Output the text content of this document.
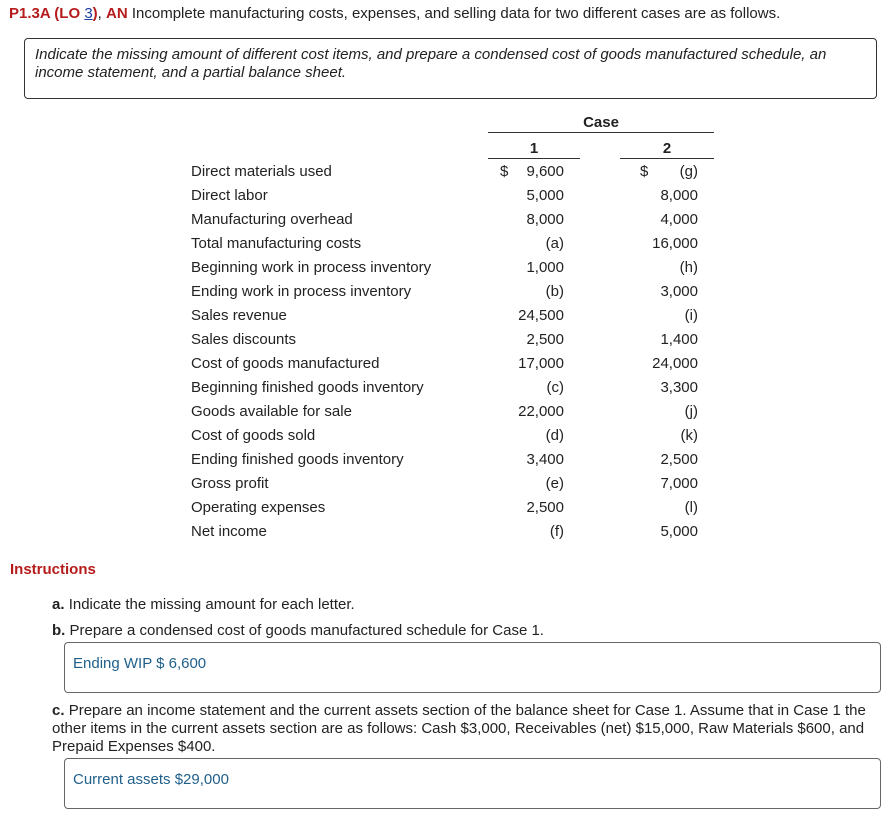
P1.3A (LO 3), AN Incomplete manufacturing costs, expenses, and selling data for two different cases are as follows.
Indicate the missing amount of different cost items, and prepare a condensed cost of goods manufactured schedule, an income statement, and a partial balance sheet.
Case
1	2
$	$
Direct materials used	9,600	(g)
Direct labor	5,000	8,000
Manufacturing overhead	8,000	4,000
Total manufacturing costs	(a)	16,000
Beginning work in process inventory	1,000	(h)
Ending work in process inventory	(b)	3,000
Sales revenue	24,500	(i)
Sales discounts	2,500	1,400
Cost of goods manufactured	17,000	24,000
Beginning finished goods inventory	(c)	3,300
Goods available for sale	22,000	(j)
Cost of goods sold	(d)	(k)
Ending finished goods inventory	3,400	2,500
Gross profit	(e)	7,000
Operating expenses	2,500	(l)
Net income	(f)	5,000
Instructions
a. Indicate the missing amount for each letter.
b. Prepare a condensed cost of goods manufactured schedule for Case 1.
Ending WIP $ 6,600
c. Prepare an income statement and the current assets section of the balance sheet for Case 1. Assume that in Case 1 the other items in the current assets section are as follows: Cash $3,000, Receivables (net) $15,000, Raw Materials $600, and Prepaid Expenses $400.
Current assets $29,000
